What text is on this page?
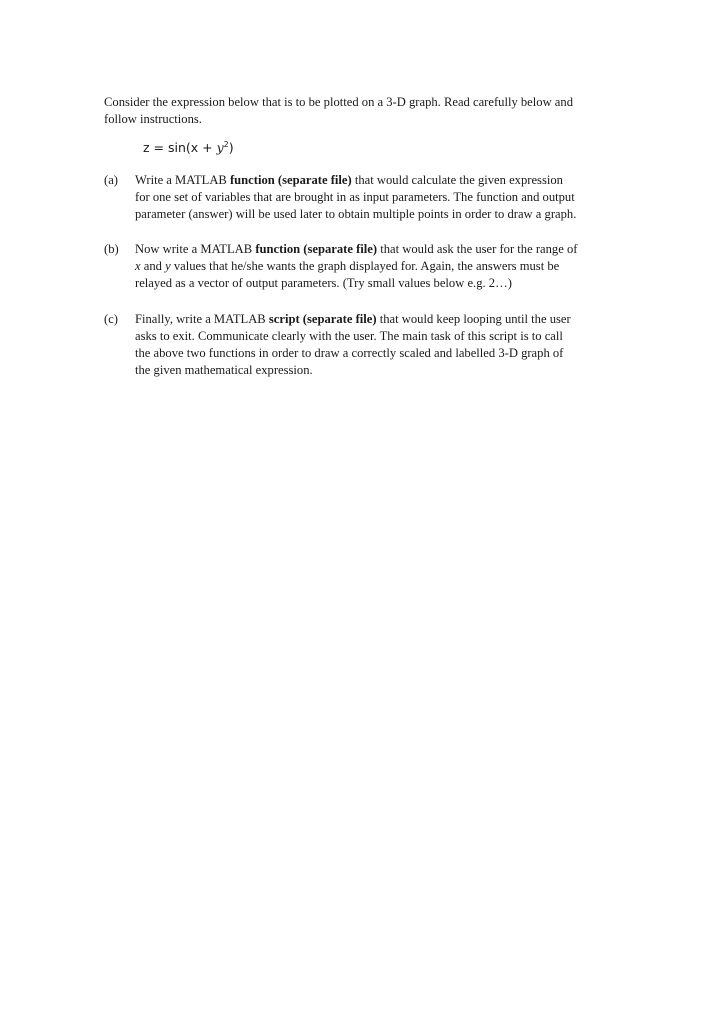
Consider the expression below that is to be plotted on a 3-D graph. Read carefully below and
follow instructions.
$z = \sin(x + y^2)$
(a)	Write a MATLAB function (separate file) that would calculate the given expression
for one set of variables that are brought in as input parameters. The function and output
parameter (answer) will be used later to obtain multiple points in order to draw a graph.
(b)	Now write a MATLAB function (separate file) that would ask the user for the range of
x and y values that he/she wants the graph displayed for. Again, the answers must be
relayed as a vector of output parameters. (Try small values below e.g. 2…)
(c)	Finally, write a MATLAB script (separate file) that would keep looping until the user
asks to exit. Communicate clearly with the user. The main task of this script is to call
the above two functions in order to draw a correctly scaled and labelled 3-D graph of
the given mathematical expression.
